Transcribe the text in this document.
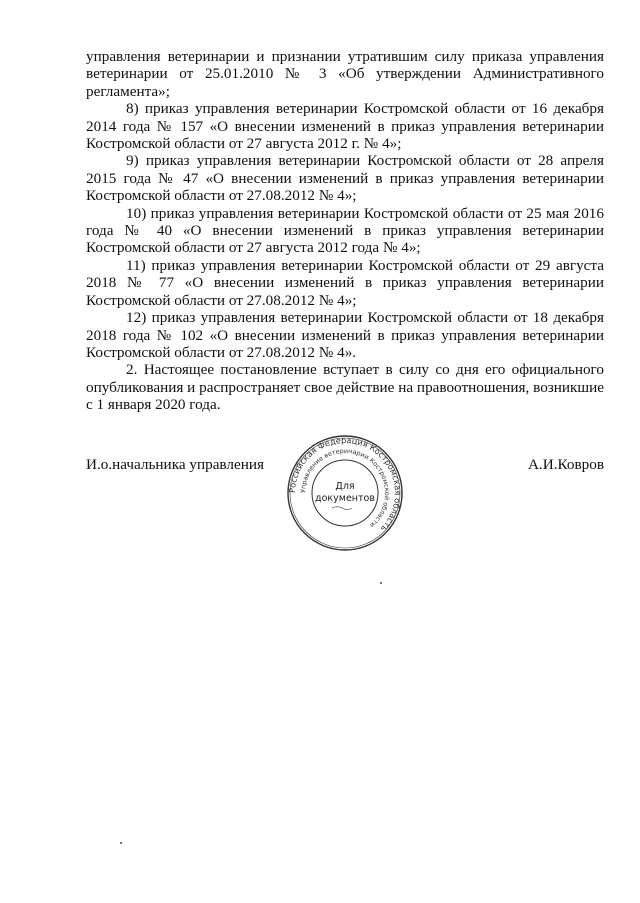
управления ветеринарии и признании утратившим силу приказа управления ветеринарии от 25.01.2010 № 3 «Об утверждении Административного регламента»;

8) приказ управления ветеринарии Костромской области от 16 декабря 2014 года № 157 «О внесении изменений в приказ управления ветеринарии Костромской области от 27 августа 2012 г. № 4»;

9) приказ управления ветеринарии Костромской области от 28 апреля 2015 года № 47 «О внесении изменений в приказ управления ветеринарии Костромской области от 27.08.2012 № 4»;

10) приказ управления ветеринарии Костромской области от 25 мая 2016 года № 40 «О внесении изменений в приказ управления ветеринарии Костромской области от 27 августа 2012 года № 4»;

11) приказ управления ветеринарии Костромской области от 29 августа 2018 № 77 «О внесении изменений в приказ управления ветеринарии Костромской области от 27.08.2012 № 4»;

12) приказ управления ветеринарии Костромской области от 18 декабря 2018 года № 102 «О внесении изменений в приказ управления ветеринарии Костромской области от 27.08.2012 № 4».

2. Настоящее постановление вступает в силу со дня его официального опубликования и распространяет свое действие на правоотношения, возникшие с 1 января 2020 года.

И.о.начальника управления	А.И.Ковров
Российская Федерация Костромская область
Управление ветеринарии Костромской области
Для
документов
